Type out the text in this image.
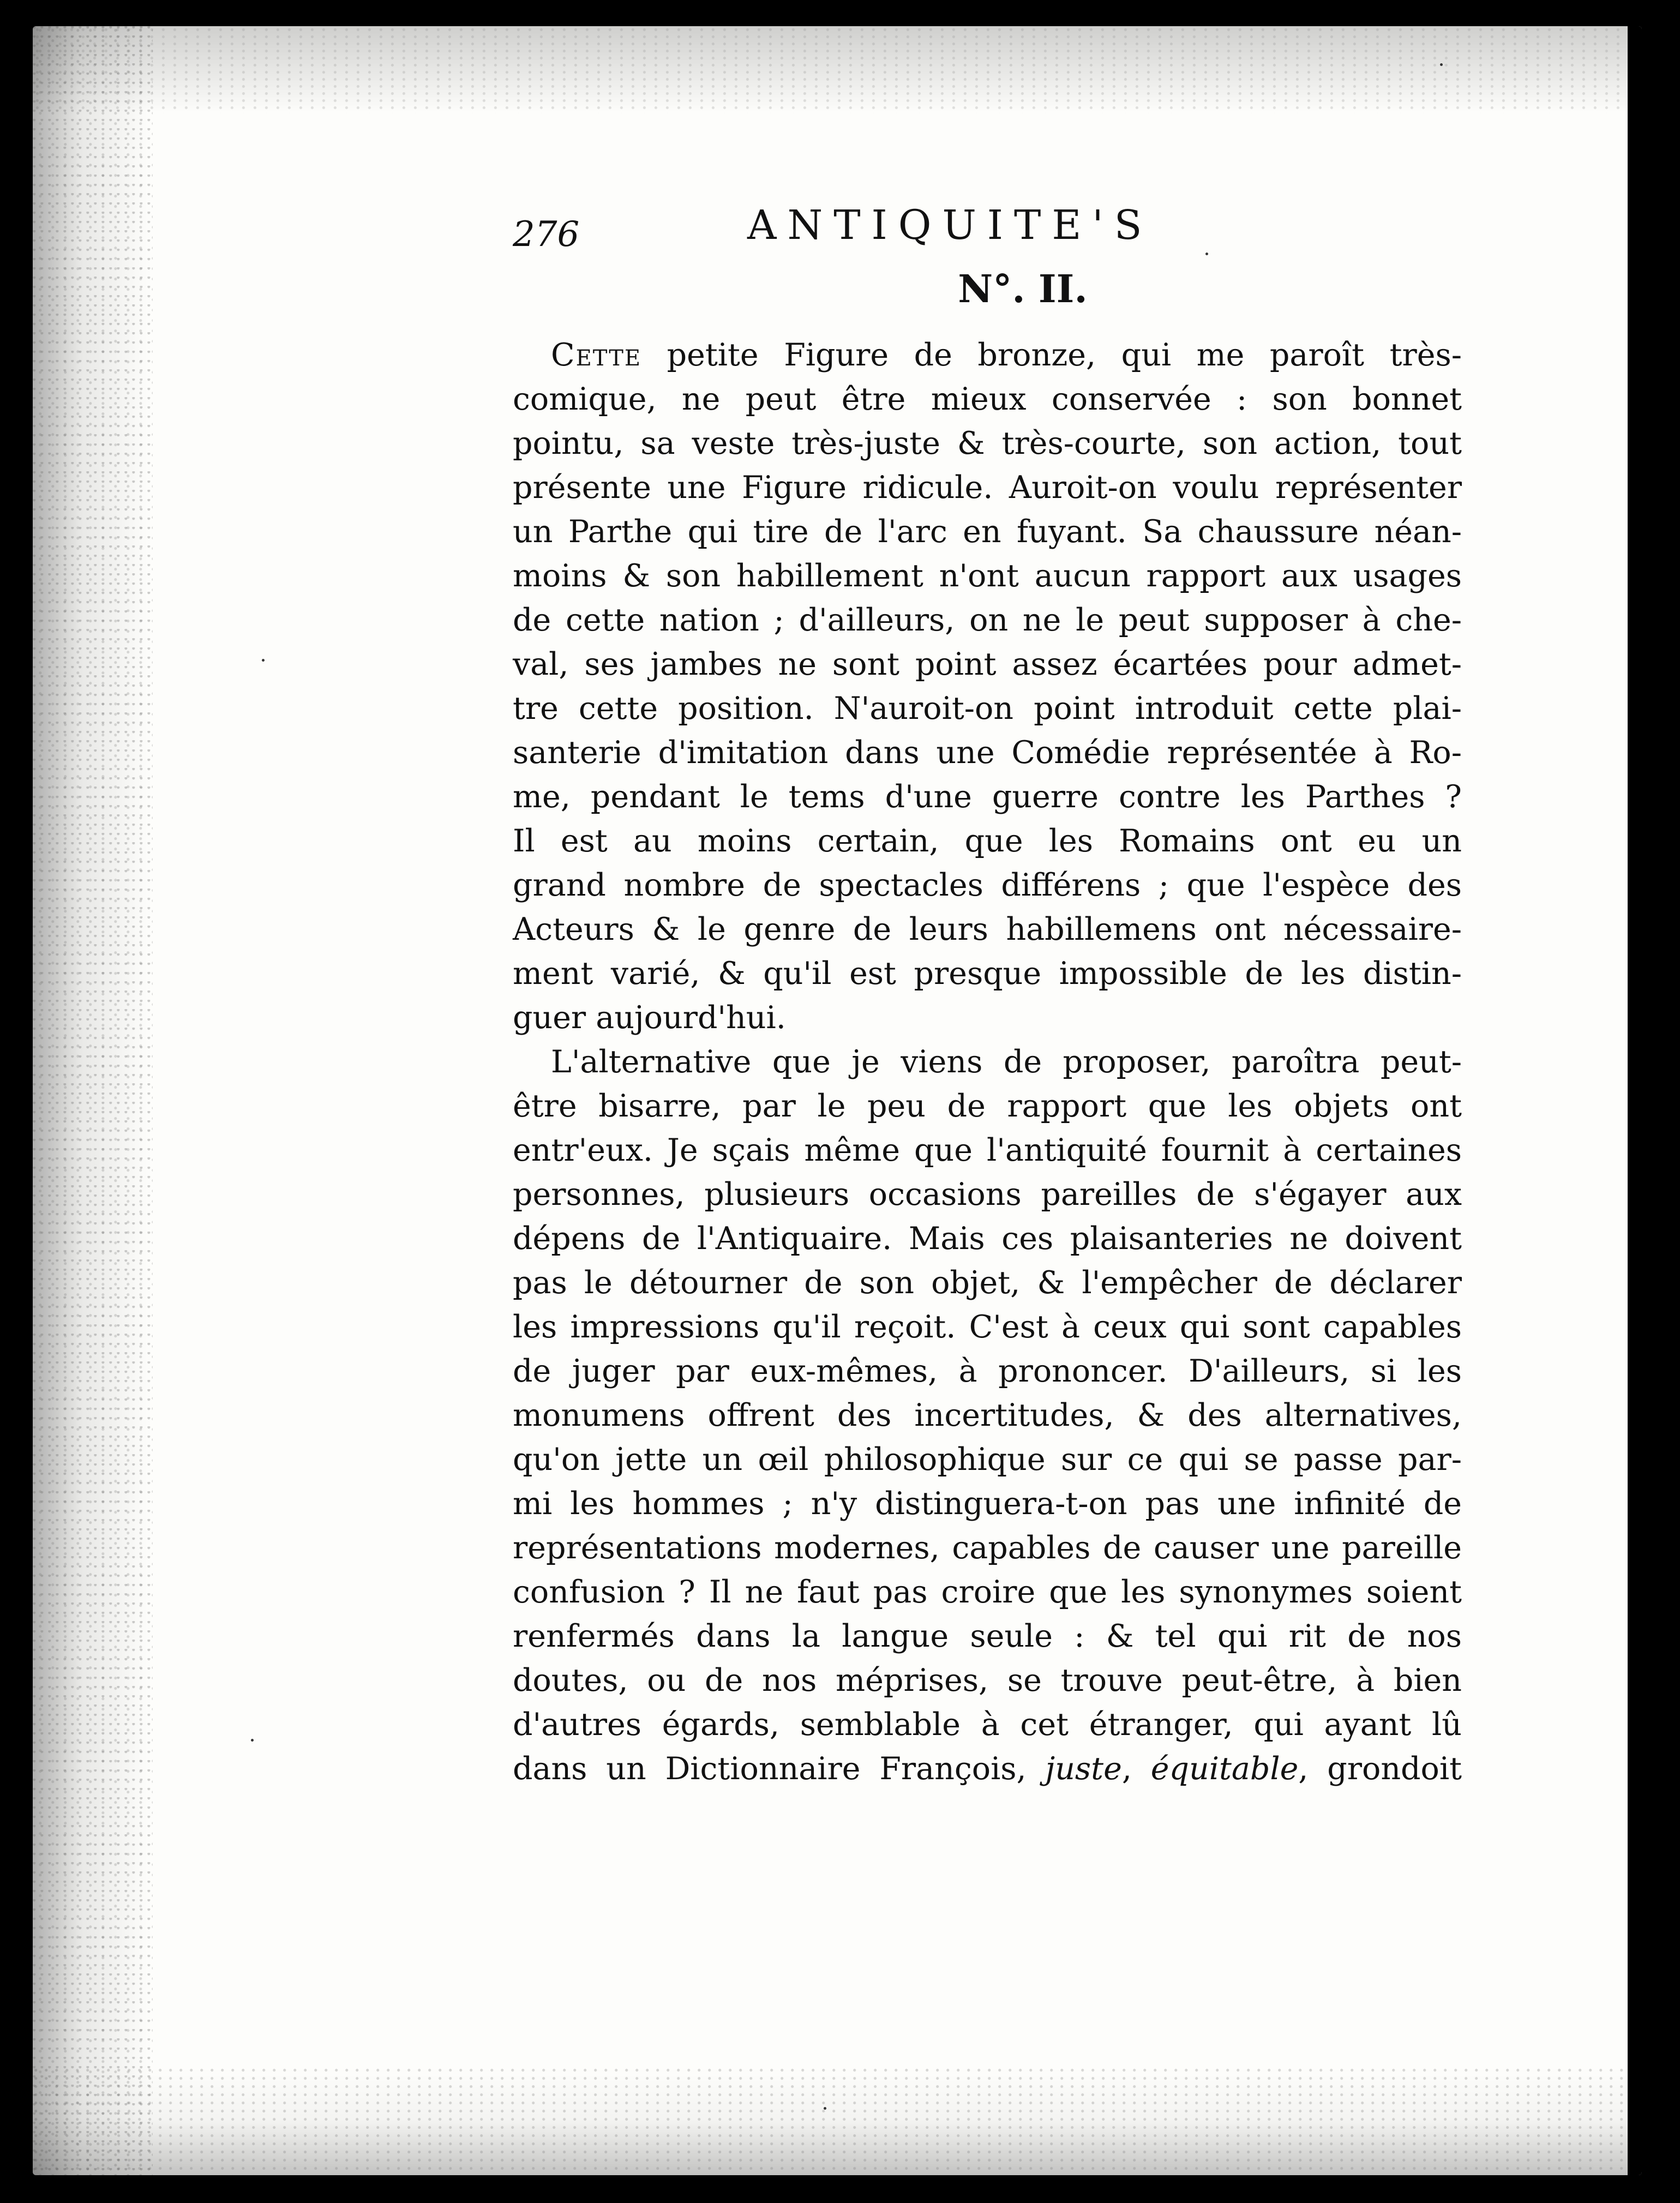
276	ANTIQUITE'S
N°. II.

Cette petite Figure de bronze, qui me paroît très-
comique, ne peut être mieux conservée : son bonnet
pointu, sa veste très-juste & très-courte, son action, tout
présente une Figure ridicule. Auroit-on voulu représenter
un Parthe qui tire de l'arc en fuyant. Sa chaussure néan-
moins & son habillement n'ont aucun rapport aux usages
de cette nation ; d'ailleurs, on ne le peut supposer à che-
val, ses jambes ne sont point assez écartées pour admet-
tre cette position. N'auroit-on point introduit cette plai-
santerie d'imitation dans une Comédie représentée à Ro-
me, pendant le tems d'une guerre contre les Parthes ?
Il est au moins certain, que les Romains ont eu un
grand nombre de spectacles différens ; que l'espèce des
Acteurs & le genre de leurs habillemens ont nécessaire-
ment varié, & qu'il est presque impossible de les distin-
guer aujourd'hui.

L'alternative que je viens de proposer, paroîtra peut-
être bisarre, par le peu de rapport que les objets ont
entr'eux. Je sçais même que l'antiquité fournit à certaines
personnes, plusieurs occasions pareilles de s'égayer aux
dépens de l'Antiquaire. Mais ces plaisanteries ne doivent
pas le détourner de son objet, & l'empêcher de déclarer
les impressions qu'il reçoit. C'est à ceux qui sont capables
de juger par eux-mêmes, à prononcer. D'ailleurs, si les
monumens offrent des incertitudes, & des alternatives,
qu'on jette un œil philosophique sur ce qui se passe par-
mi les hommes ; n'y distinguera-t-on pas une infinité de
représentations modernes, capables de causer une pareille
confusion ? Il ne faut pas croire que les synonymes soient
renfermés dans la langue seule : & tel qui rit de nos
doutes, ou de nos méprises, se trouve peut-être, à bien
d'autres égards, semblable à cet étranger, qui ayant lû
dans un Dictionnaire François, juste, équitable, grondoit
